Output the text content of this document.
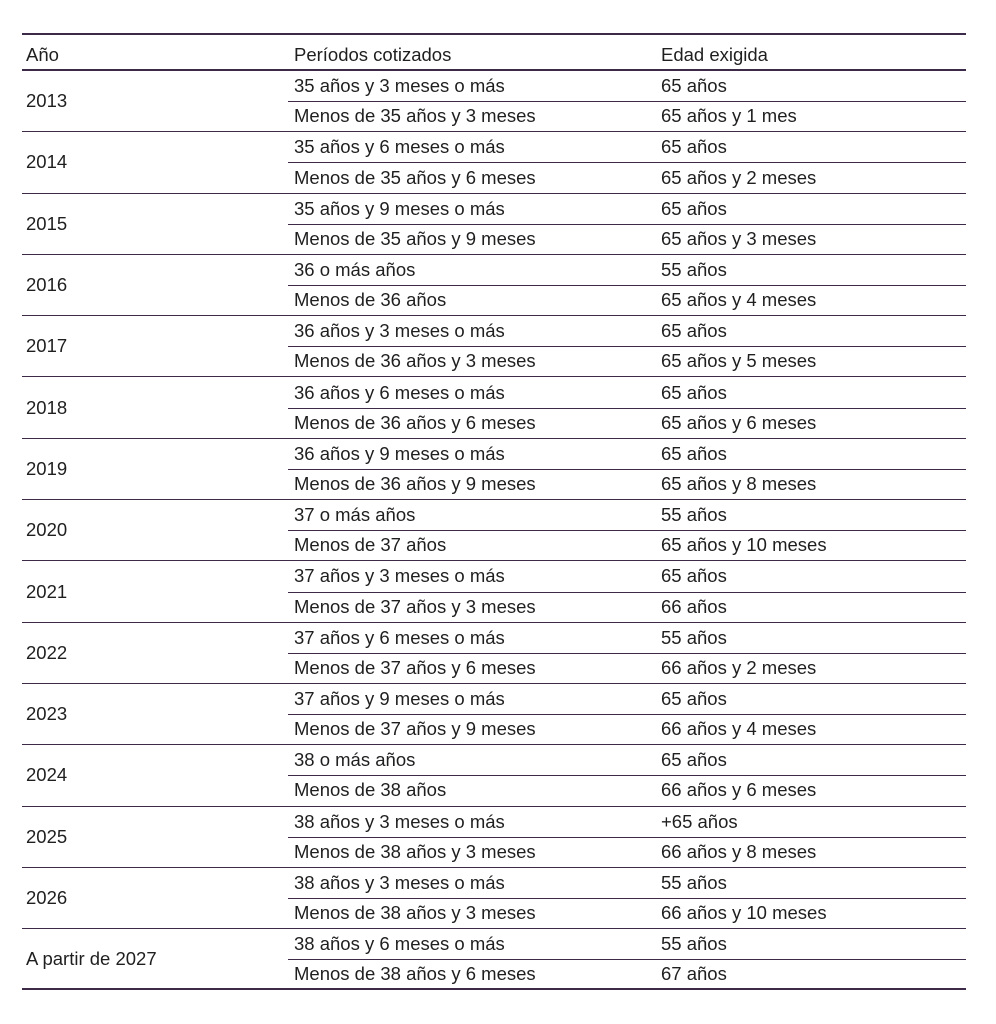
Año	Períodos cotizados	Edad exigida
2013
35 años y 3 meses o más	65 años
Menos de 35 años y 3 meses	65 años y 1 mes
2014
35 años y 6 meses o más	65 años
Menos de 35 años y 6 meses	65 años y 2 meses
2015
35 años y 9 meses o más	65 años
Menos de 35 años y 9 meses	65 años y 3 meses
2016
36 o más años	55 años
Menos de 36 años	65 años y 4 meses
2017
36 años y 3 meses o más	65 años
Menos de 36 años y 3 meses	65 años y 5 meses
2018
36 años y 6 meses o más	65 años
Menos de 36 años y 6 meses	65 años y 6 meses
2019
36 años y 9 meses o más	65 años
Menos de 36 años y 9 meses	65 años y 8 meses
2020
37 o más años	55 años
Menos de 37 años	65 años y 10 meses
2021
37 años y 3 meses o más	65 años
Menos de 37 años y 3 meses	66 años
2022
37 años y 6 meses o más	55 años
Menos de 37 años y 6 meses	66 años y 2 meses
2023
37 años y 9 meses o más	65 años
Menos de 37 años y 9 meses	66 años y 4 meses
2024
38 o más años	65 años
Menos de 38 años	66 años y 6 meses
2025
38 años y 3 meses o más	+65 años
Menos de 38 años y 3 meses	66 años y 8 meses
2026
38 años y 3 meses o más	55 años
Menos de 38 años y 3 meses	66 años y 10 meses
A partir de 2027
38 años y 6 meses o más	55 años
Menos de 38 años y 6 meses	67 años
